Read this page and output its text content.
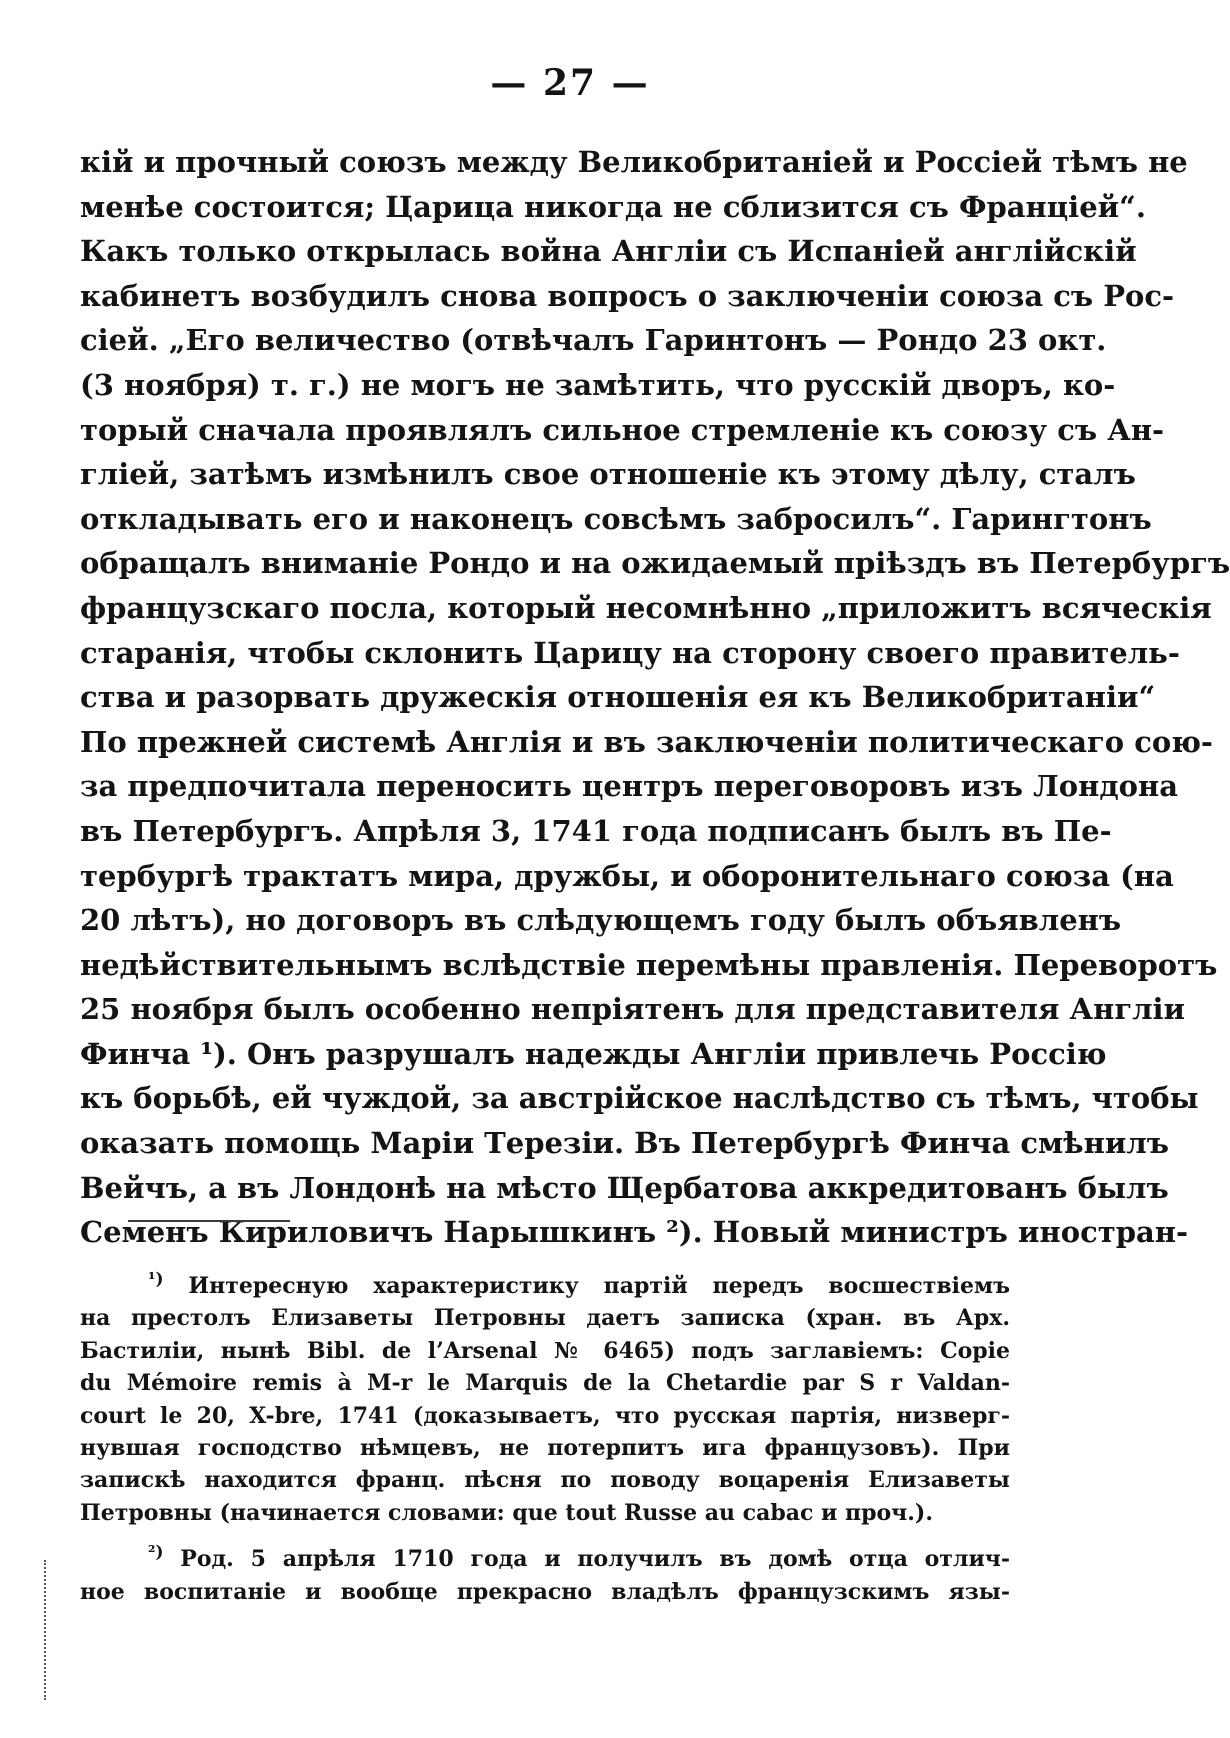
— 27 —
кій и прочный союзъ между Великобританіей и Россіей тѣмъ не
менѣе состоится; Царица никогда не сблизится съ Франціей“.
Какъ только открылась война Англіи съ Испаніей англійскій
кабинетъ возбудилъ снова вопросъ о заключеніи союза съ Рос-
сіей. „Его величество (отвѣчалъ Гаринтонъ — Рондо 23 окт.
(3 ноября) т. г.) не могъ не замѣтить, что русскій дворъ, ко-
торый сначала проявлялъ сильное стремленіе къ союзу съ Ан-
гліей, затѣмъ измѣнилъ свое отношеніе къ этому дѣлу, сталъ
откладывать его и наконецъ совсѣмъ забросилъ“. Гарингтонъ
обращалъ вниманіе Рондо и на ожидаемый пріѣздъ въ Петербургъ
французскаго посла, который несомнѣнно „приложитъ всяческія
старанія, чтобы склонить Царицу на сторону своего правитель-
ства и разорвать дружескія отношенія ея къ Великобританіи“
По прежней системѣ Англія и въ заключеніи политическаго сою-
за предпочитала переносить центръ переговоровъ изъ Лондона
въ Петербургъ. Апрѣля 3, 1741 года подписанъ былъ въ Пе-
тербургѣ трактатъ мира, дружбы, и оборонительнаго союза (на
20 лѣтъ), но договоръ въ слѣдующемъ году былъ объявленъ
недѣйствительнымъ вслѣдствіе перемѣны правленія. Переворотъ
25 ноября былъ особенно непріятенъ для представителя Англіи
Финча ¹). Онъ разрушалъ надежды Англіи привлечь Россію
къ борьбѣ, ей чуждой, за австрійское наслѣдство съ тѣмъ, чтобы
оказать помощь Маріи Терезіи. Въ Петербургѣ Финча смѣнилъ
Вейчъ, а въ Лондонѣ на мѣсто Щербатова аккредитованъ былъ
Семенъ Кириловичъ Нарышкинъ ²). Новый министръ иностран-
$^{^1)}$ Интересную характеристику партій передъ восшествіемъ
на престолъ Елизаветы Петровны даетъ записка (хран. въ Арх.
Бастиліи, нынѣ Bibl. de l’Arsenal № 6465) подъ заглавіемъ: Copie
du Mémoire remis à M-r le Marquis de la Chetardie par S r Valdan-
court le 20, X-bre, 1741 (доказываетъ, что русская партія, низверг-
нувшая господство нѣмцевъ, не потерпитъ ига французовъ). При
запискѣ находится франц. пѣсня по поводу воцаренія Елизаветы
Петровны (начинается словами: que tout Russe au cabac и проч.).
$^{^2)}$ Род. 5 апрѣля 1710 года и получилъ въ домѣ отца отлич-
ное воспитаніе и вообще прекрасно владѣлъ французскимъ язы-
